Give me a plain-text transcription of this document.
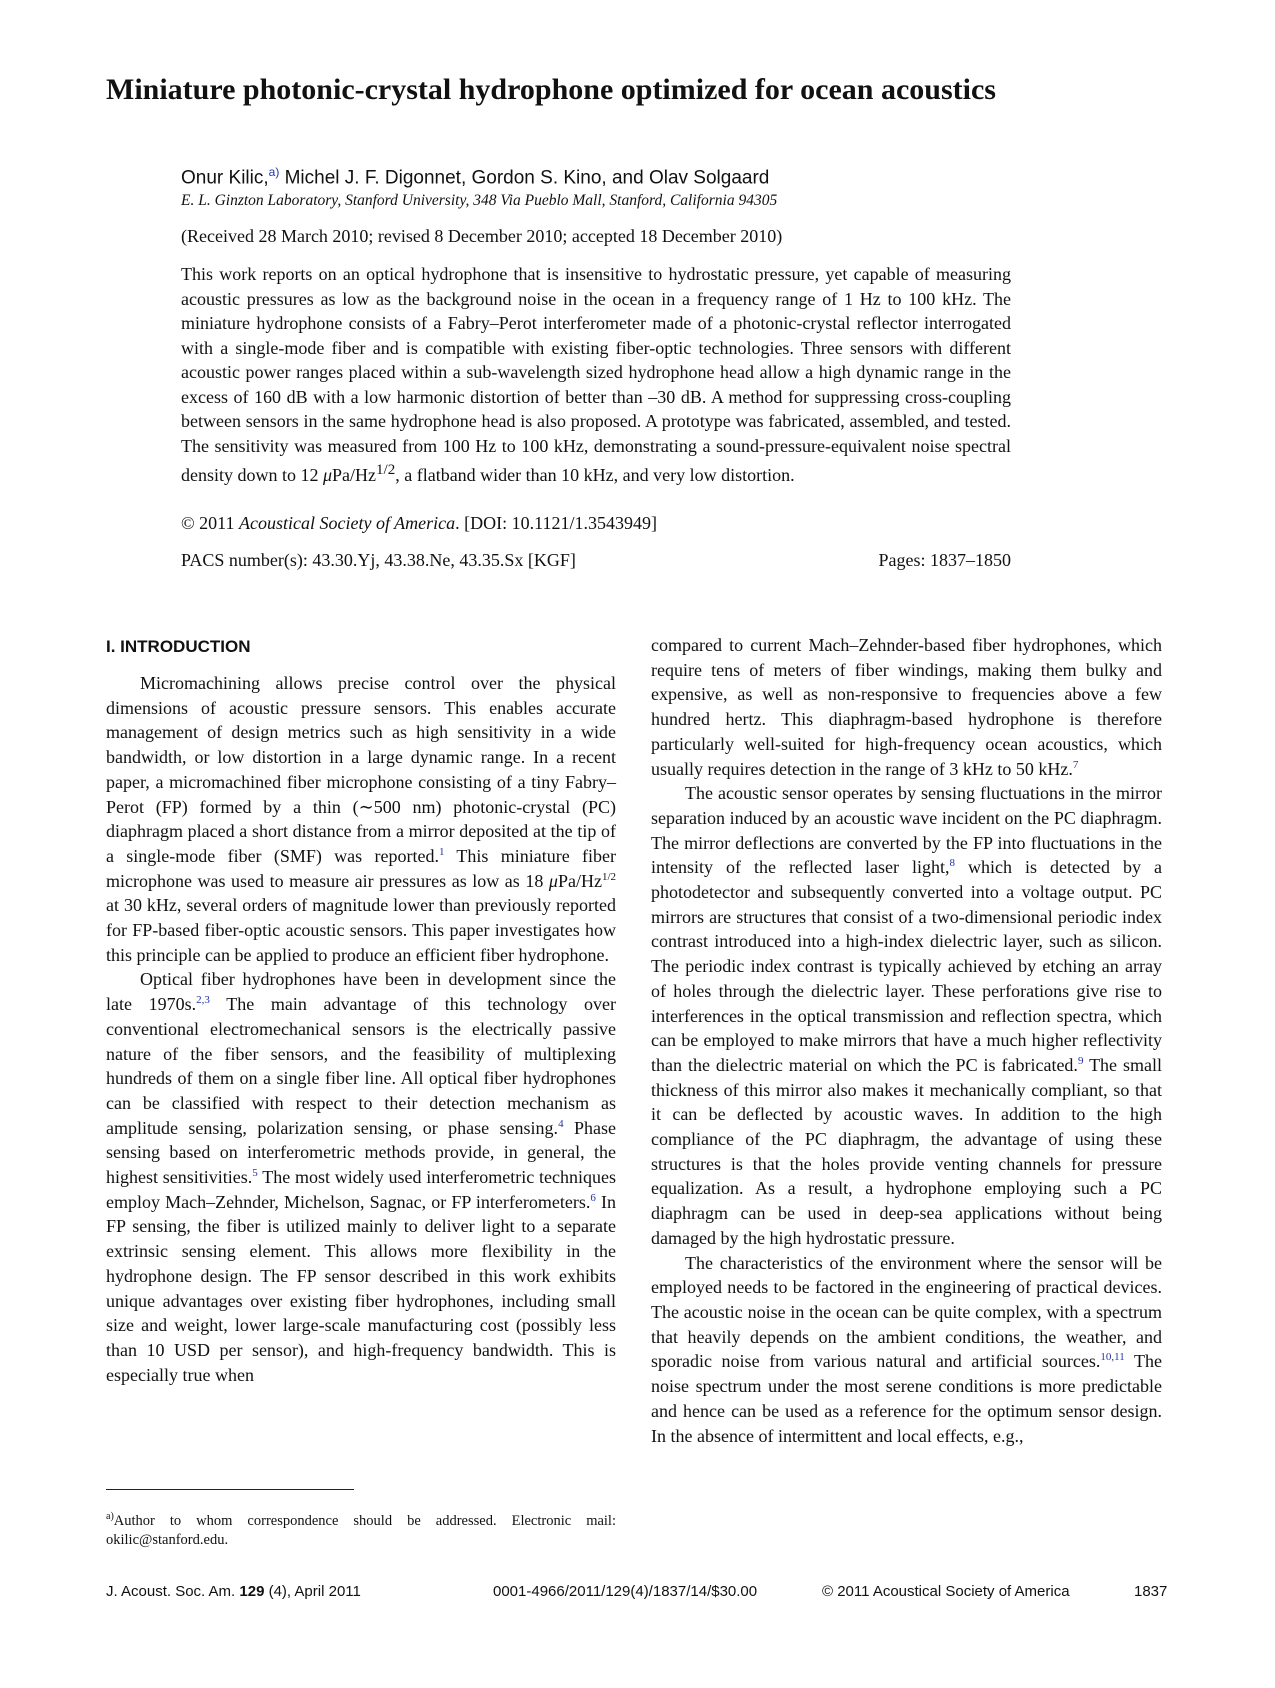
Miniature photonic-crystal hydrophone optimized for ocean acoustics
Onur Kilic,$^{a)}$ Michel J. F. Digonnet, Gordon S. Kino, and Olav Solgaard
E. L. Ginzton Laboratory, Stanford University, 348 Via Pueblo Mall, Stanford, California 94305
(Received 28 March 2010; revised 8 December 2010; accepted 18 December 2010)

This work reports on an optical hydrophone that is insensitive to hydrostatic pressure, yet capable of measuring acoustic pressures as low as the background noise in the ocean in a frequency range of 1 Hz to 100 kHz. The miniature hydrophone consists of a Fabry–Perot interferometer made of a photonic-crystal reflector interrogated with a single-mode fiber and is compatible with existing fiber-optic technologies. Three sensors with different acoustic power ranges placed within a sub-wavelength sized hydrophone head allow a high dynamic range in the excess of 160 dB with a low harmonic distortion of better than –30 dB. A method for suppressing cross-coupling between sensors in the same hydrophone head is also proposed. A prototype was fabricated, assembled, and tested. The sensitivity was measured from 100 Hz to 100 kHz, demonstrating a sound-pressure-equivalent noise spectral density down to 12 μPa/$Hz^{1/2}$, a flatband wider than 10 kHz, and very low distortion.

© 2011 Acoustical Society of America. [DOI: 10.1121/1.3543949]
PACS number(s): 43.30.Yj, 43.38.Ne, 43.35.Sx [KGF]	Pages: 1837–1850
I. INTRODUCTION

Micromachining allows precise control over the physical dimensions of acoustic pressure sensors. This enables accurate management of design metrics such as high sensitivity in a wide bandwidth, or low distortion in a large dynamic range. In a recent paper, a micromachined fiber microphone consisting of a tiny Fabry–Perot (FP) formed by a thin (∼500 nm) photonic-crystal (PC) diaphragm placed a short distance from a mirror deposited at the tip of a single-mode fiber (SMF) was reported.$^1$ This miniature fiber microphone was used to measure air pressures as low as 18 μPa/$Hz^{1/2}$ at 30 kHz, several orders of magnitude lower than previously reported for FP-based fiber-optic acoustic sensors. This paper investigates how this principle can be applied to produce an efficient fiber hydrophone.

Optical fiber hydrophones have been in development since the late 1970s.$^{2,3}$ The main advantage of this technology over conventional electromechanical sensors is the electrically passive nature of the fiber sensors, and the feasibility of multiplexing hundreds of them on a single fiber line. All optical fiber hydrophones can be classified with respect to their detection mechanism as amplitude sensing, polarization sensing, or phase sensing.$^4$ Phase sensing based on interferometric methods provide, in general, the highest sensitivities.$^5$ The most widely used interferometric techniques employ Mach–Zehnder, Michelson, Sagnac, or FP interferometers.$^6$ In FP sensing, the fiber is utilized mainly to deliver light to a separate extrinsic sensing element. This allows more flexibility in the hydrophone design. The FP sensor described in this work exhibits unique advantages over existing fiber hydrophones, including small size and weight, lower large-scale manufacturing cost (possibly less than 10 USD per sensor), and high-frequency bandwidth. This is especially true when

compared to current Mach–Zehnder-based fiber hydrophones, which require tens of meters of fiber windings, making them bulky and expensive, as well as non-responsive to frequencies above a few hundred hertz. This diaphragm-based hydrophone is therefore particularly well-suited for high-frequency ocean acoustics, which usually requires detection in the range of 3 kHz to 50 kHz.$^7$

The acoustic sensor operates by sensing fluctuations in the mirror separation induced by an acoustic wave incident on the PC diaphragm. The mirror deflections are converted by the FP into fluctuations in the intensity of the reflected laser light,$^8$ which is detected by a photodetector and subsequently converted into a voltage output. PC mirrors are structures that consist of a two-dimensional periodic index contrast introduced into a high-index dielectric layer, such as silicon. The periodic index contrast is typically achieved by etching an array of holes through the dielectric layer. These perforations give rise to interferences in the optical transmission and reflection spectra, which can be employed to make mirrors that have a much higher reflectivity than the dielectric material on which the PC is fabricated.$^9$ The small thickness of this mirror also makes it mechanically compliant, so that it can be deflected by acoustic waves. In addition to the high compliance of the PC diaphragm, the advantage of using these structures is that the holes provide venting channels for pressure equalization. As a result, a hydrophone employing such a PC diaphragm can be used in deep-sea applications without being damaged by the high hydrostatic pressure.

The characteristics of the environment where the sensor will be employed needs to be factored in the engineering of practical devices. The acoustic noise in the ocean can be quite complex, with a spectrum that heavily depends on the ambient conditions, the weather, and sporadic noise from various natural and artificial sources.$^{10,11}$ The noise spectrum under the most serene conditions is more predictable and hence can be used as a reference for the optimum sensor design. In the absence of intermittent and local effects, e.g.,

$^{a)}$Author to whom correspondence should be addressed. Electronic mail: okilic@stanford.edu.
J. Acoust. Soc. Am. 129 (4), April 2011	0001-4966/2011/129(4)/1837/14/$30.00	© 2011 Acoustical Society of America	1837
